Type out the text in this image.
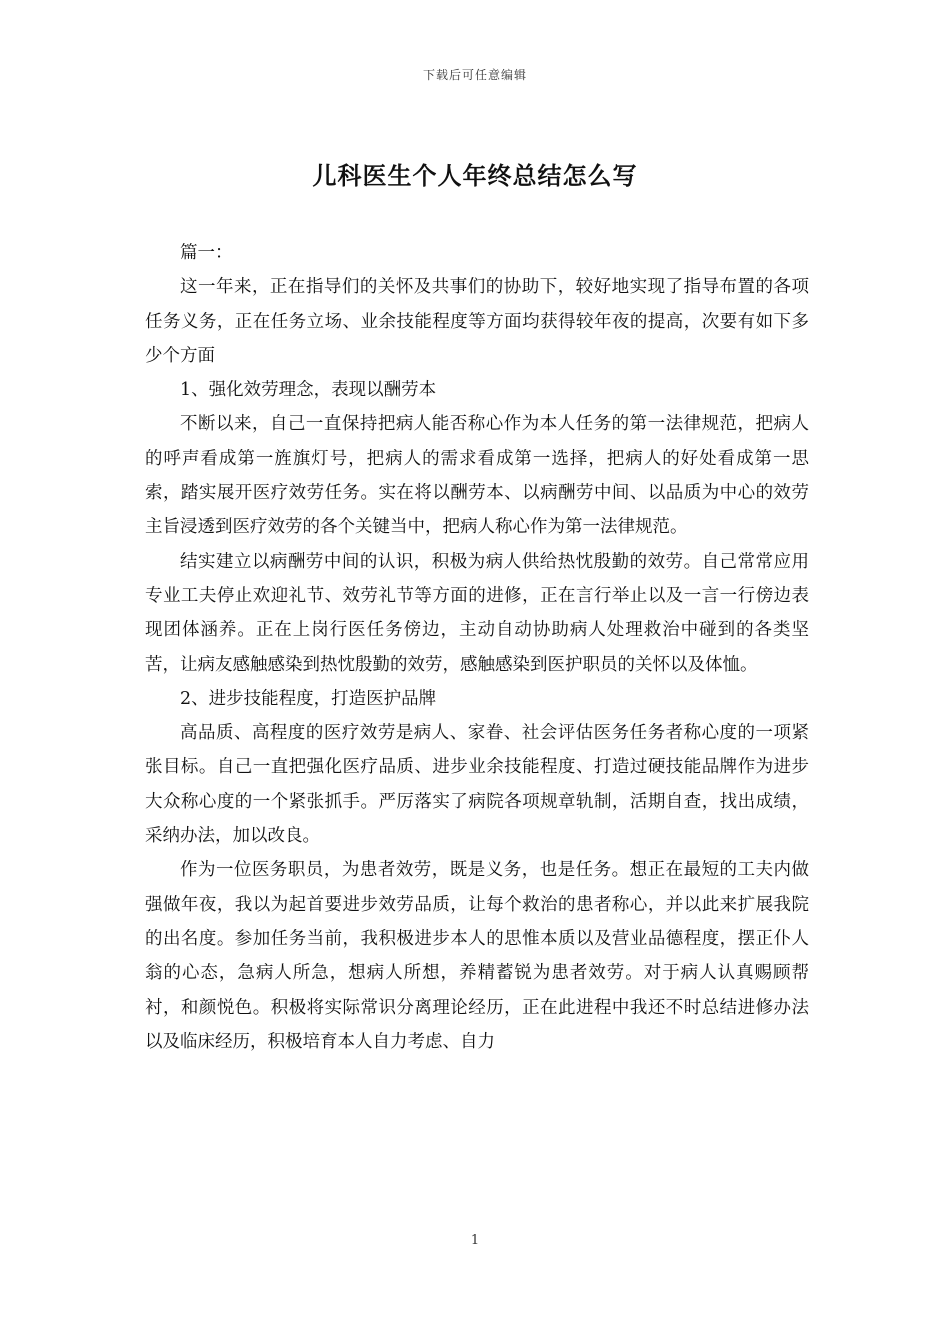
下载后可任意编辑
儿科医生个人年终总结怎么写

篇一：

这一年来，正在指导们的关怀及共事们的协助下，较好地实现了指导布置的各项任务义务，正在任务立场、业余技能程度等方面均获得较年夜的提高，次要有如下多少个方面

1、强化效劳理念，表现以酬劳本

不断以来，自己一直保持把病人能否称心作为本人任务的第一法律规范，把病人的呼声看成第一旌旗灯号，把病人的需求看成第一选择，把病人的好处看成第一思索，踏实展开医疗效劳任务。实在将以酬劳本、以病酬劳中间、以品质为中心的效劳主旨浸透到医疗效劳的各个关键当中，把病人称心作为第一法律规范。

结实建立以病酬劳中间的认识，积极为病人供给热忱殷勤的效劳。自己常常应用专业工夫停止欢迎礼节、效劳礼节等方面的进修，正在言行举止以及一言一行傍边表现团体涵养。正在上岗行医任务傍边，主动自动协助病人处理救治中碰到的各类坚苦，让病友感触感染到热忱殷勤的效劳，感触感染到医护职员的关怀以及体恤。

2、进步技能程度，打造医护品牌

高品质、高程度的医疗效劳是病人、家眷、社会评估医务任务者称心度的一项紧张目标。自己一直把强化医疗品质、进步业余技能程度、打造过硬技能品牌作为进步大众称心度的一个紧张抓手。严厉落实了病院各项规章轨制，活期自查，找出成绩，采纳办法，加以改良。

作为一位医务职员，为患者效劳，既是义务，也是任务。想正在最短的工夫内做强做年夜，我以为起首要进步效劳品质，让每个救治的患者称心，并以此来扩展我院的出名度。参加任务当前，我积极进步本人的思惟本质以及营业品德程度，摆正仆人翁的心态，急病人所急，想病人所想，养精蓄锐为患者效劳。对于病人认真赐顾帮衬，和颜悦色。积极将实际常识分离理论经历，正在此进程中我还不时总结进修办法以及临床经历，积极培育本人自力考虑、自力

1
